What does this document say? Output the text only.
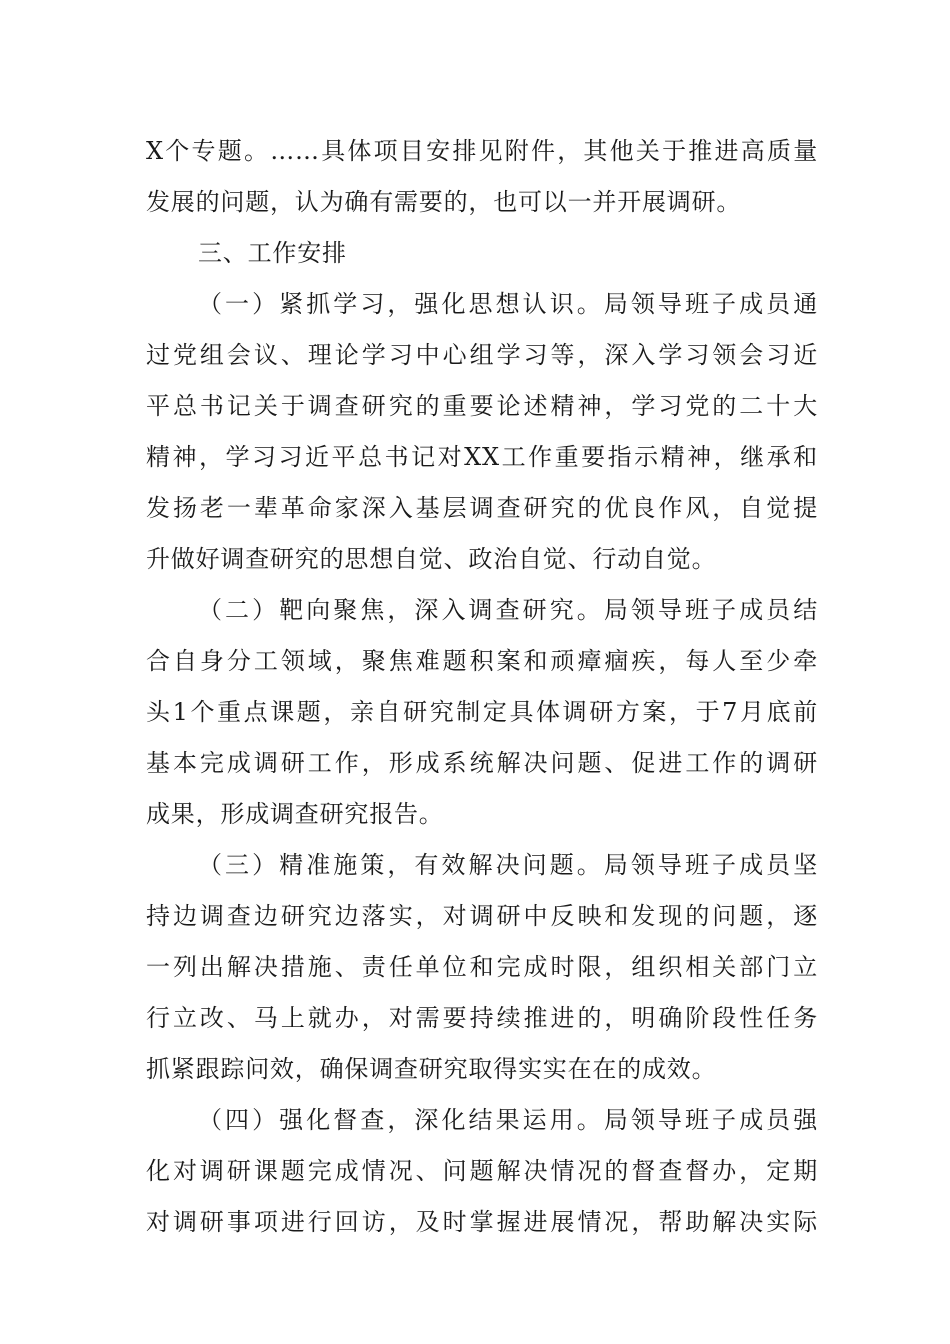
X个专题。……具体项目安排见附件，其他关于推进高质量
发展的问题，认为确有需要的，也可以一并开展调研。
三、工作安排
（一）紧抓学习，强化思想认识。局领导班子成员通
过党组会议、理论学习中心组学习等，深入学习领会习近
平总书记关于调查研究的重要论述精神，学习党的二十大
精神，学习习近平总书记对XX工作重要指示精神，继承和
发扬老一辈革命家深入基层调查研究的优良作风，自觉提
升做好调查研究的思想自觉、政治自觉、行动自觉。
（二）靶向聚焦，深入调查研究。局领导班子成员结
合自身分工领域，聚焦难题积案和顽瘴痼疾，每人至少牵
头1个重点课题，亲自研究制定具体调研方案，于7月底前
基本完成调研工作，形成系统解决问题、促进工作的调研
成果，形成调查研究报告。
（三）精准施策，有效解决问题。局领导班子成员坚
持边调查边研究边落实，对调研中反映和发现的问题，逐
一列出解决措施、责任单位和完成时限，组织相关部门立
行立改、马上就办，对需要持续推进的，明确阶段性任务
抓紧跟踪问效，确保调查研究取得实实在在的成效。
（四）强化督查，深化结果运用。局领导班子成员强
化对调研课题完成情况、问题解决情况的督查督办，定期
对调研事项进行回访，及时掌握进展情况，帮助解决实际
